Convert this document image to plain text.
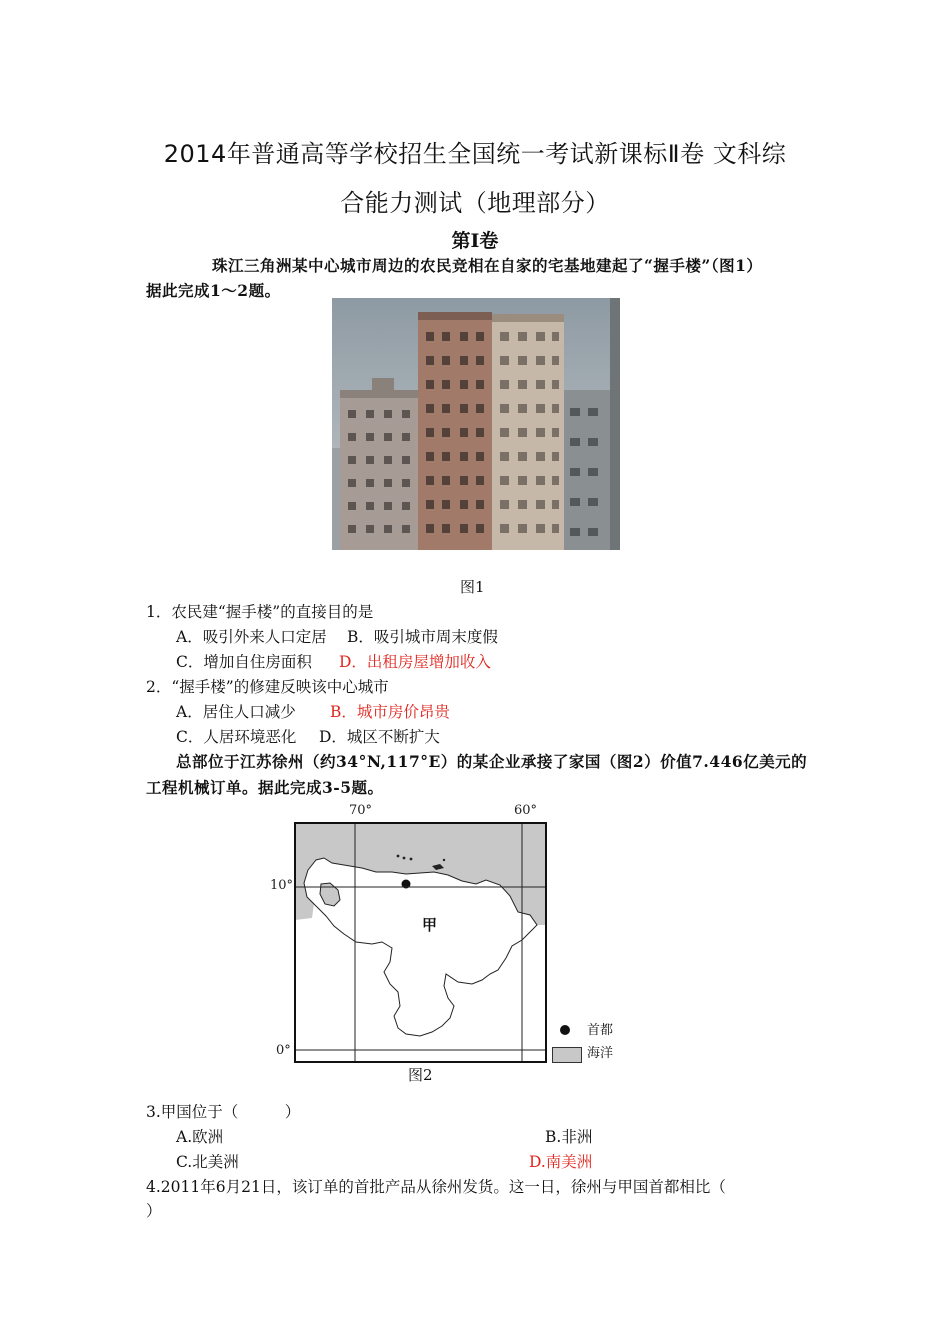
2014年普通高等学校招生全国统一考试新课标Ⅱ卷 文科综
合能力测试（地理部分）
第Ⅰ卷
珠江三角洲某中心城市周边的农民竞相在自家的宅基地建起了“握手楼”（图1）
据此完成1～2题。
图1
1．农民建“握手楼”的直接目的是
A．吸引外来人口定居 B．吸引城市周末度假
C．增加自住房面积 D．出租房屋增加收入
2．“握手楼”的修建反映该中心城市
A．居住人口减少 B．城市房价昂贵
C．人居环境恶化 D．城区不断扩大
总部位于江苏徐州（约34°N,117°E）的某企业承接了家国（图2）价值7.446亿美元的
工程机械订单。据此完成3-5题。
70°	60°
10°
0°
甲
首都
海洋
图2
3.甲国位于（　　　）
A.欧洲	B.非洲
C.北美洲	D.南美洲
4.2011年6月21日，该订单的首批产品从徐州发货。这一日，徐州与甲国首都相比（
）
